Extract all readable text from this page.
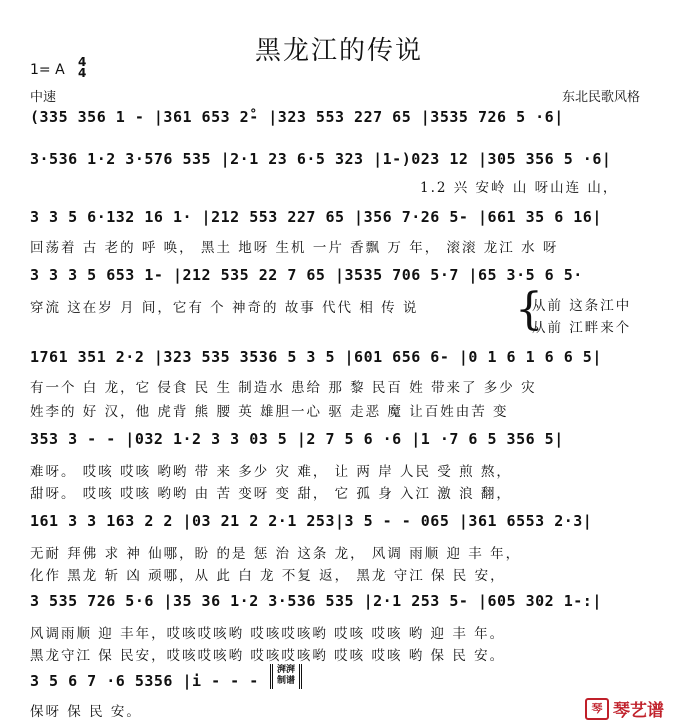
黑龙江的传说
1= A 4
4
中速	东北民歌风格
(335 356 1 - |361 653 2̊- |323 553 227 65 |3535 726 5 ·6|
3·536 1·2 3·576 535 |2·1 23 6·5 323 |1-)023 12 |305 356 5 ·6|
1.2 兴 安岭 山 呀山连 山，
3 3 5 6·132 16 1· |212 553 227 65 |356 7·26 5- |661 35 6 16|
回荡着 古 老的 呼 唤， 黑土 地呀 生机 一片 香飘 万 年， 滚滚 龙江 水 呀
3 3 3 5 653 1- |212 535 22 7 65 |3535 706 5·7 |65 3·5 6 5·
穿流 这在岁 月 间，它有 个 神奇的 故事 代代 相 传 说 {
从前 这条江中
从前 江畔来个
1761 351 2·2 |323 535 3536 5 3 5 |601 656 6- |0 1 6 1 6 6 5|
有一个 白 龙，它 侵食 民 生 制造水 患给 那 黎 民百 姓 带来了 多少 灾
姓李的 好 汉，他 虎背 熊 腰 英 雄胆一心 驱 走恶 魔 让百姓由苦 变
353 3 - - |032 1·2 3 3 03 5 |2 7 5 6 ·6 |1 ·7 6 5 356 5|
难呀。 哎咳 哎咳 哟哟 带 来 多少 灾 难， 让 两 岸 人民 受 煎 熬，
甜呀。 哎咳 哎咳 哟哟 由 苦 变呀 变 甜， 它 孤 身 入江 激 浪 翻，
161 3 3 163 2 2 |03 21 2 2·1 253|3 5 - - 065 |361 6553 2·3|
无耐 拜佛 求 神 仙哪，盼 的是 惩 治 这条 龙， 风调 雨顺 迎 丰 年，
化作 黑龙 斩 凶 顽哪，从 此 白 龙 不复 返， 黑龙 守江 保 民 安，
3 535 726 5·6 |35 36 1·2 3·536 535 |2·1 253 5- |605 302 1-:|
风调雨顺 迎 丰年，哎咳哎咳哟 哎咳哎咳哟 哎咳 哎咳 哟 迎 丰 年。
黑龙守江 保 民安，哎咳哎咳哟 哎咳哎咳哟 哎咳 哎咳 哟 保 民 安。
3 5 6 7 ·6 5356 |i - - -
保呀 保 民 安。
湃湃
制谱
琴 琴艺谱
